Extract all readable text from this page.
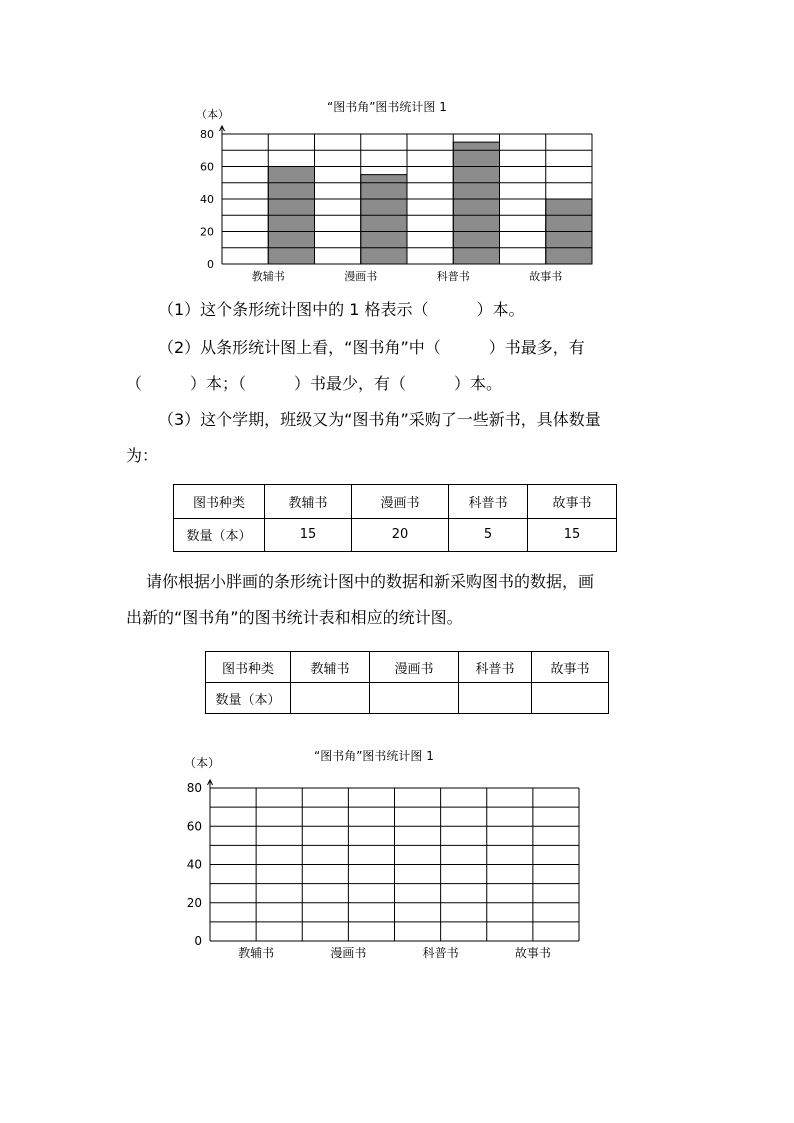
（本）
“图书角”图书统计图 1
0
20
40
60
80
教辅书	漫画书	科普书	故事书
（1）这个条形统计图中的 1 格表示（　　　）本。
（2）从条形统计图上看，“图书角”中（　　　）书最多，有
（　　　）本；（　　　）书最少，有（　　　）本。
（3）这个学期，班级又为“图书角”采购了一些新书，具体数量
为：
图书种类	教辅书	漫画书	科普书	故事书
数量（本）	15	20	5	15
请你根据小胖画的条形统计图中的数据和新采购图书的数据，画
出新的“图书角”的图书统计表和相应的统计图。
图书种类	教辅书	漫画书	科普书	故事书
数量（本）				
（本）	“图书角”图书统计图 1
0
20
40
60
80
教辅书	漫画书	科普书	故事书
